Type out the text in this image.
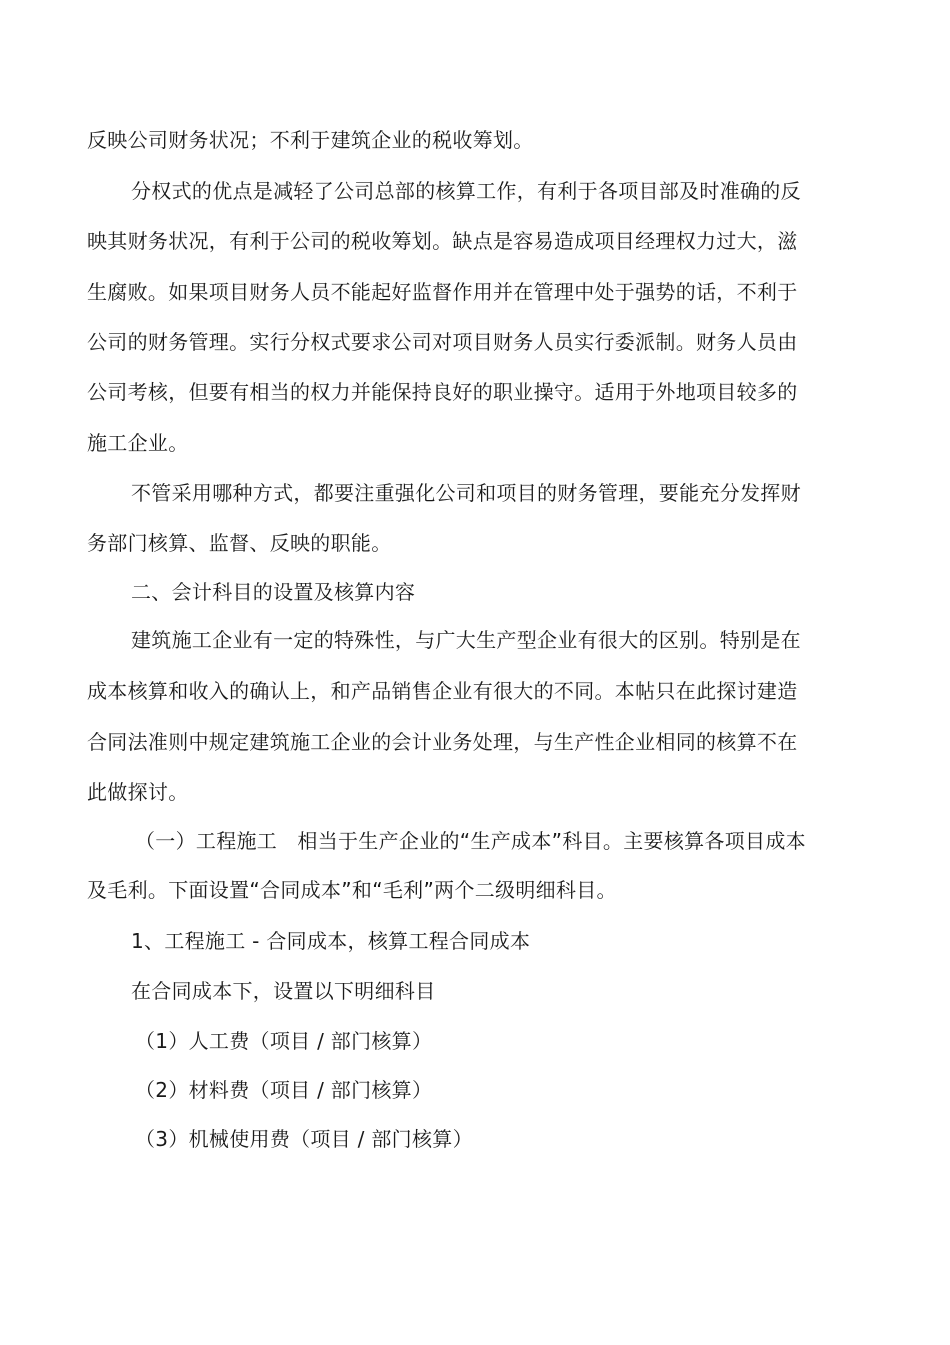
反映公司财务状况；不利于建筑企业的税收筹划。
分权式的优点是减轻了公司总部的核算工作，有利于各项目部及时准确的反
映其财务状况，有利于公司的税收筹划。缺点是容易造成项目经理权力过大，滋
生腐败。如果项目财务人员不能起好监督作用并在管理中处于强势的话，不利于
公司的财务管理。实行分权式要求公司对项目财务人员实行委派制。财务人员由
公司考核，但要有相当的权力并能保持良好的职业操守。适用于外地项目较多的
施工企业。
不管采用哪种方式，都要注重强化公司和项目的财务管理，要能充分发挥财
务部门核算、监督、反映的职能。
二、会计科目的设置及核算内容
建筑施工企业有一定的特殊性，与广大生产型企业有很大的区别。特别是在
成本核算和收入的确认上，和产品销售企业有很大的不同。本帖只在此探讨建造
合同法准则中规定建筑施工企业的会计业务处理，与生产性企业相同的核算不在
此做探讨。
（一）工程施工　相当于生产企业的“生产成本”科目。主要核算各项目成本
及毛利。下面设置“合同成本”和“毛利”两个二级明细科目。
1、工程施工 - 合同成本，核算工程合同成本
在合同成本下，设置以下明细科目
（1）人工费（项目 / 部门核算）
（2）材料费（项目 / 部门核算）
（3）机械使用费（项目 / 部门核算）
